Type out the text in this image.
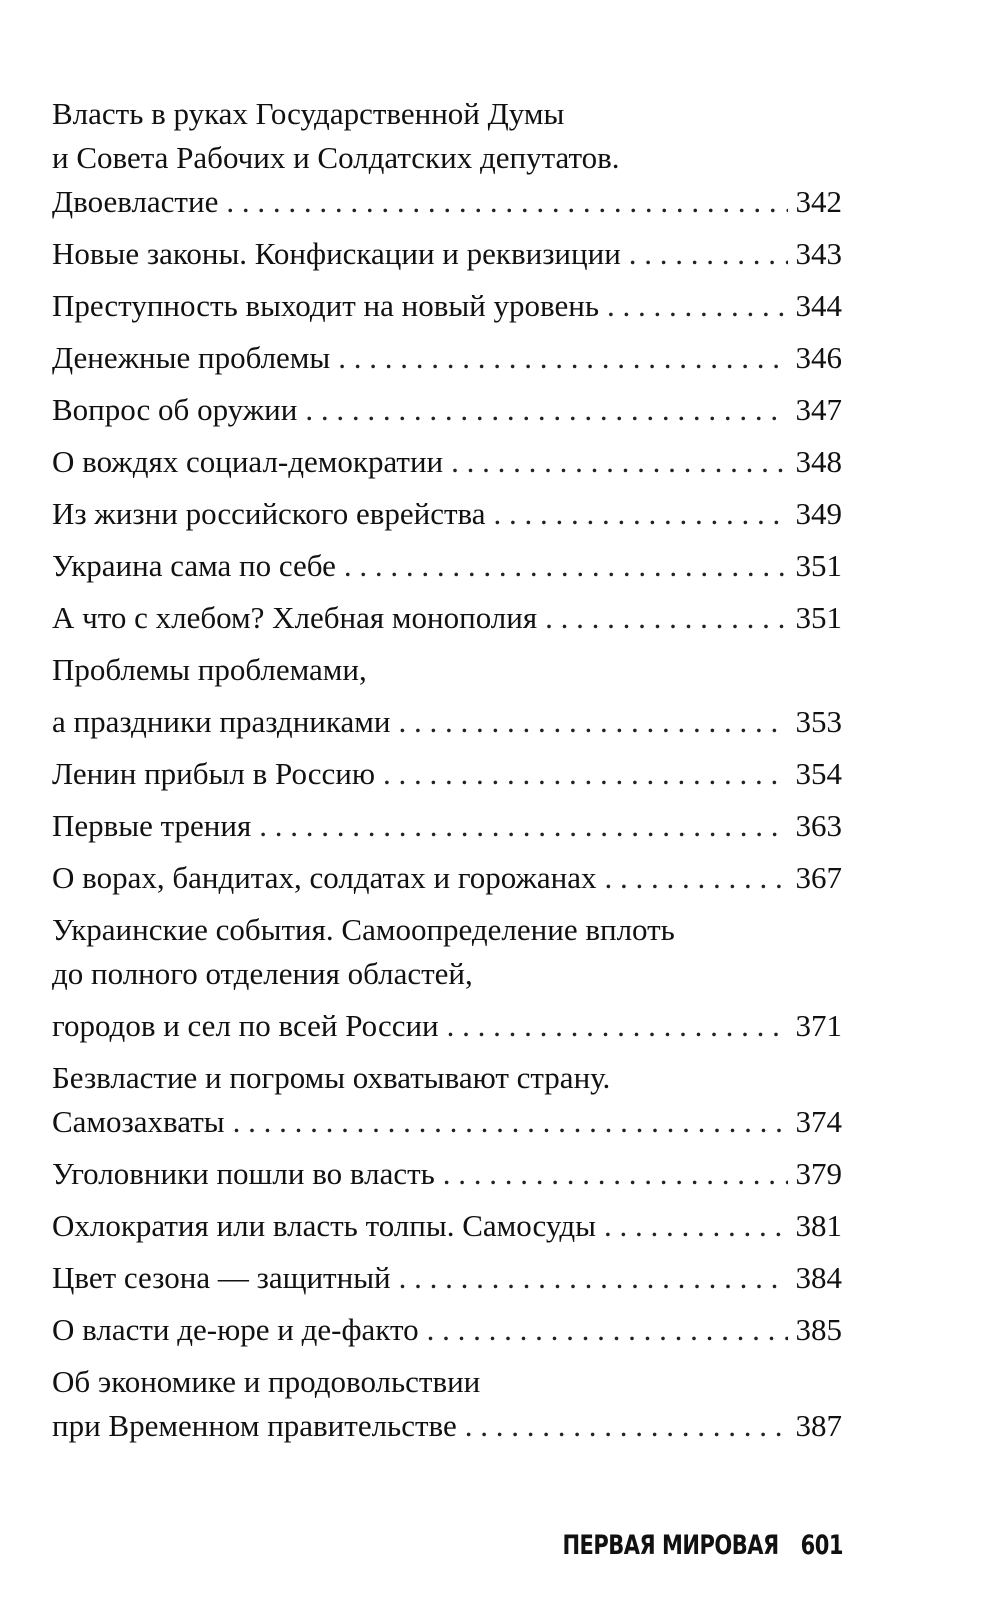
Власть в руках Государственной Думы
и Совета Рабочих и Солдатских депутатов.
Двоевластие . . .	342
Новые законы. Конфискации и реквизиции . . .	343
Преступность выходит на новый уровень . . .	344
Денежные проблемы . . .	346
Вопрос об оружии . . .	347
О вождях социал-демократии . . .	348
Из жизни российского еврейства . . .	349
Украина сама по себе . . .	351
А что с хлебом? Хлебная монополия . . .	351
Проблемы проблемами,
а праздники праздниками . . .	353
Ленин прибыл в Россию . . .	354
Первые трения . . .	363
О ворах, бандитах, солдатах и горожанах . . .	367
Украинские события. Самоопределение вплоть
до полного отделения областей,
городов и сел по всей России . . .	371
Безвластие и погромы охватывают страну.
Самозахваты . . .	374
Уголовники пошли во власть . . .	379
Охлократия или власть толпы. Самосуды . . .	381
Цвет сезона — защитный . . .	384
О власти де-юре и де-факто . . .	385
Об экономике и продовольствии
при Временном правительстве . . .	387
ПЕРВАЯ МИРОВАЯ 601
